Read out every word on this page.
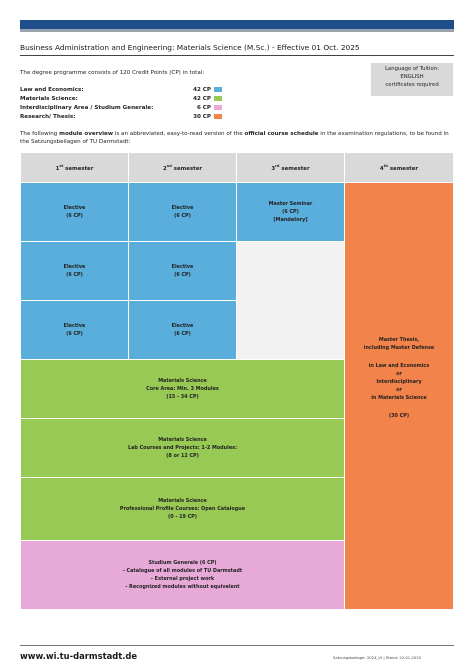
Business Administration and Engineering: Materials Science (M.Sc.) - Effective 01 Oct. 2025
The degree programme consists of 120 Credit Points (CP) in total:
Law and Economics:	42 CP
Materials Science:	42 CP
Interdisciplinary Area / Studium Generale:	6 CP
Research/ Thesis:	30 CP
Language of Tuition:
ENGLISH
certificates required
The following module overview is an abbreviated, easy-to-read version of the official course schedule in the examination regulations, to be found in the Satzungsbeilagen of TU Darmstadt:
1st semester	2nd semester	3rd semester	4th semester
Elective
(6 CP)
Elective
(6 CP)
Master Seminar
(6 CP)
[Mandatory]
Elective
(6 CP)
Elective
(6 CP)
Elective
(6 CP)
Elective
(6 CP)
Materials Science
Core Area: Min. 3 Modules
(15 - 34 CP)
Materials Science
Lab Courses and Projects: 1-2 Modules:
(8 or 12 CP)
Materials Science
Professional Profile Courses: Open Catalogue
(0 - 19 CP)
Studium Generale (6 CP)
- Catalogue of all modules of TU Darmstadt
- External project work
- Recognized modules without equivalent
Master Thesis,
including Master Defense
in Law and Economics
or
Interdisciplinary
or
in Materials Science
(30 CP)
www.wi.tu-darmstadt.de	Satzungsbeilage: 2024_VI | Stand: 22.01.2025
